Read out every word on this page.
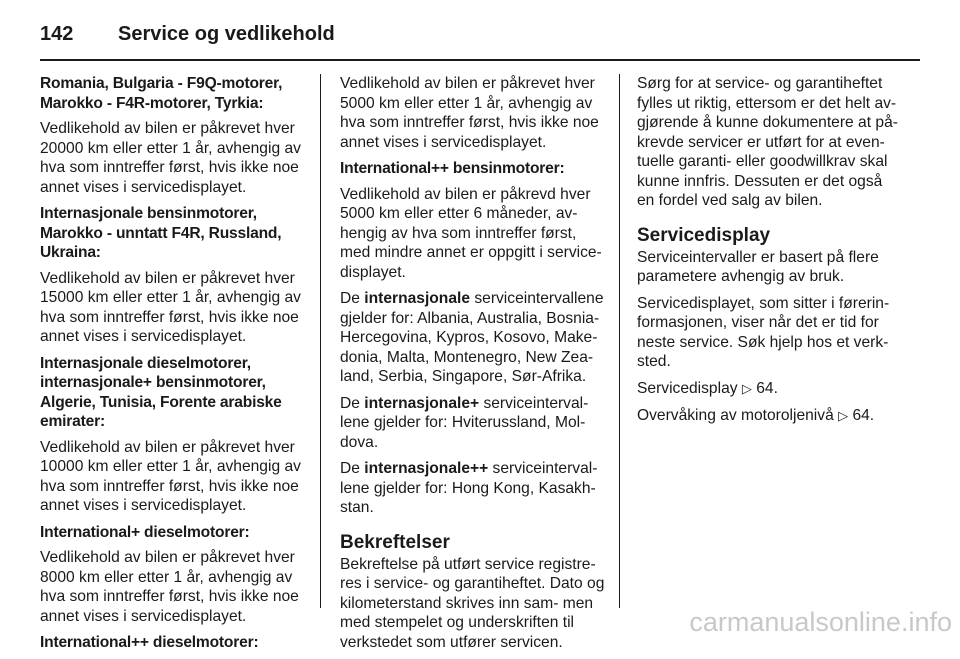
142	Service og vedlikehold
Romania, Bulgaria - F9Q-motorer, Marokko - F4R-motorer, Tyrkia:
Vedlikehold av bilen er påkrevet hver 20000 km eller etter 1 år, avhengig av hva som inntreffer først, hvis ikke noe annet vises i servicedisplayet.
Internasjonale bensinmotorer, Marokko - unntatt F4R, Russland, Ukraina:
Vedlikehold av bilen er påkrevet hver 15000 km eller etter 1 år, avhengig av hva som inntreffer først, hvis ikke noe annet vises i servicedisplayet.
Internasjonale dieselmotorer, internasjonale+ bensinmotorer, Algerie, Tunisia, Forente arabiske emirater:
Vedlikehold av bilen er påkrevet hver 10000 km eller etter 1 år, avhengig av hva som inntreffer først, hvis ikke noe annet vises i servicedisplayet.
International+ dieselmotorer:
Vedlikehold av bilen er påkrevet hver 8000 km eller etter 1 år, avhengig av hva som inntreffer først, hvis ikke noe annet vises i servicedisplayet.
International++ dieselmotorer:
Vedlikehold av bilen er påkrevet hver 5000 km eller etter 1 år, avhengig av hva som inntreffer først, hvis ikke noe annet vises i servicedisplayet.
International++ bensinmotorer:
Vedlikehold av bilen er påkrevd hver 5000 km eller etter 6 måneder, av- hengig av hva som inntreffer først, med mindre annet er oppgitt i service- displayet.
De internasjonale serviceintervallene gjelder for: Albania, Australia, Bosnia- Hercegovina, Kypros, Kosovo, Make- donia, Malta, Montenegro, New Zea- land, Serbia, Singapore, Sør-Afrika.
De internasjonale+ serviceinterval- lene gjelder for: Hviterussland, Mol- dova.
De internasjonale++ serviceinterval- lene gjelder for: Hong Kong, Kasakh- stan.
Bekreftelser
Bekreftelse på utført service registre- res i service- og garantiheftet. Dato og kilometerstand skrives inn sam- men med stempelet og underskriften til verkstedet som utfører servicen.
Sørg for at service- og garantiheftet fylles ut riktig, ettersom er det helt av- gjørende å kunne dokumentere at på- krevde servicer er utført for at even- tuelle garanti- eller goodwillkrav skal kunne innfris. Dessuten er det også en fordel ved salg av bilen.
Servicedisplay
Serviceintervaller er basert på flere parametere avhengig av bruk.
Servicedisplayet, som sitter i førerin- formasjonen, viser når det er tid for neste service. Søk hjelp hos et verk- sted.
Servicedisplay ▷ 64.
Overvåking av motoroljenivå ▷ 64.
carmanualsonline.info
